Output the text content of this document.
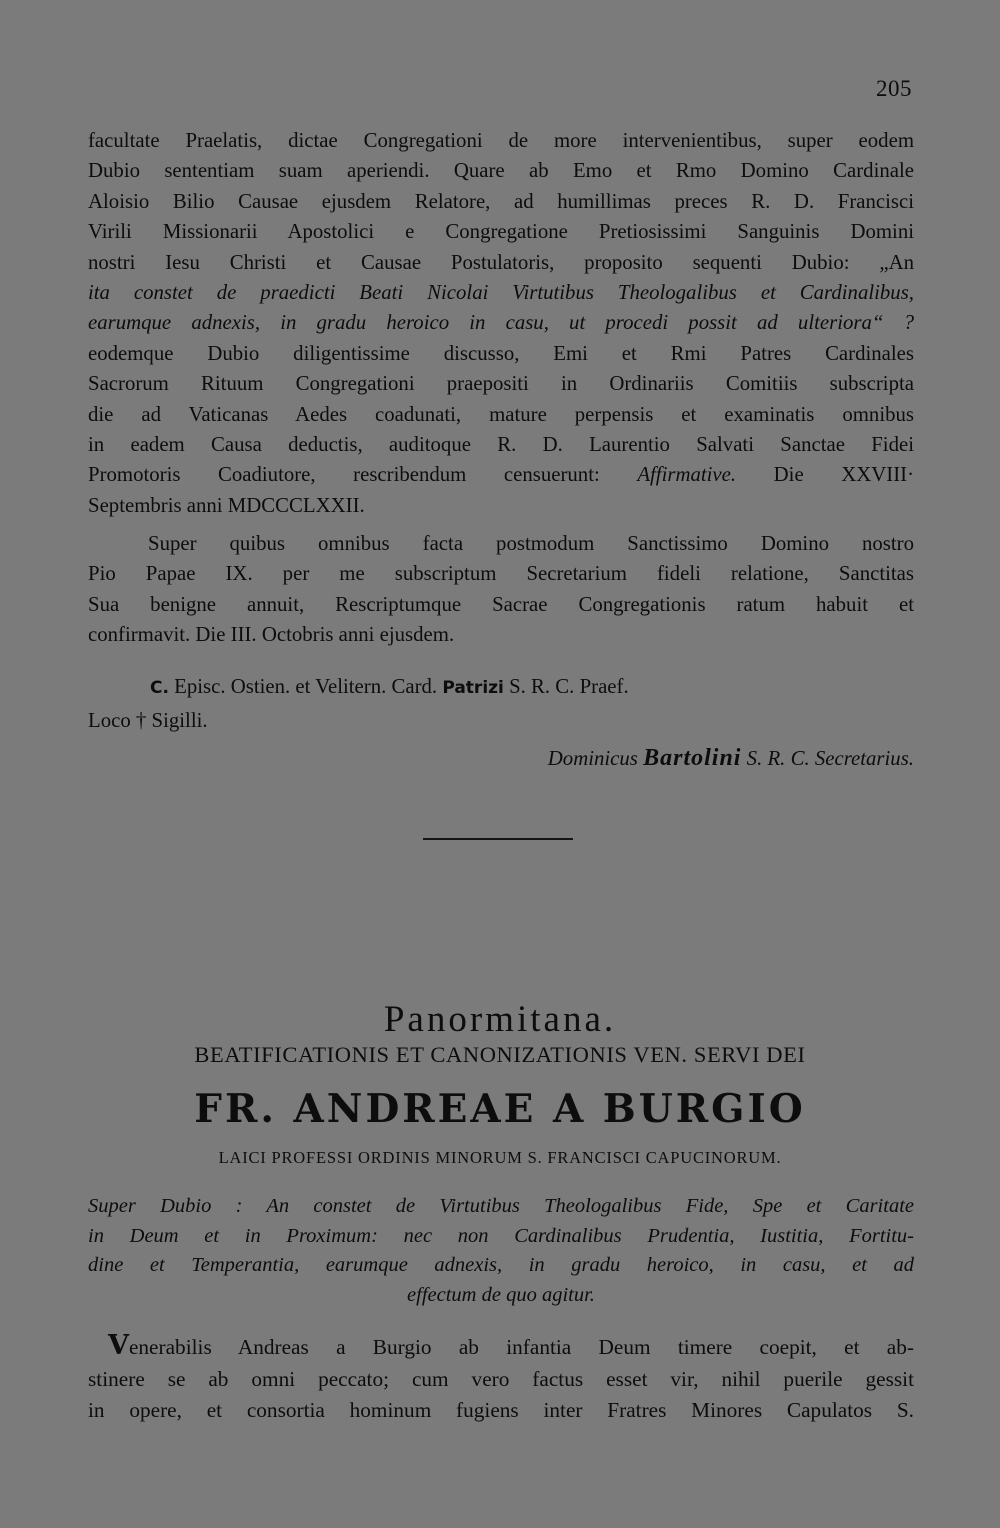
205
facultate Praelatis, dictae Congregationi de more intervenientibus, super eodem
Dubio sententiam suam aperiendi. Quare ab Emo et Rmo Domino Cardinale
Aloisio Bilio Causae ejusdem Relatore, ad humillimas preces R. D. Francisci
Virili Missionarii Apostolici e Congregatione Pretiosissimi Sanguinis Domini
nostri Iesu Christi et Causae Postulatoris, proposito sequenti Dubio: „An
ita constet de praedicti Beati Nicolai Virtutibus Theologalibus et Cardinalibus,
earumque adnexis, in gradu heroico in casu, ut procedi possit ad ulteriora“ ?
eodemque Dubio diligentissime discusso, Emi et Rmi Patres Cardinales
Sacrorum Rituum Congregationi praepositi in Ordinariis Comitiis subscripta
die ad Vaticanas Aedes coadunati, mature perpensis et examinatis omnibus
in eadem Causa deductis, auditoque R. D. Laurentio Salvati Sanctae Fidei
Promotoris Coadiutore, rescribendum censuerunt: Affirmative. Die XXVIII·
Septembris anni MDCCCLXXII.
Super quibus omnibus facta postmodum Sanctissimo Domino nostro
Pio Papae IX. per me subscriptum Secretarium fideli relatione, Sanctitas
Sua benigne annuit, Rescriptumque Sacrae Congregationis ratum habuit et
confirmavit. Die III. Octobris anni ejusdem.
C. Episc. Ostien. et Velitern. Card. Patrizi S. R. C. Praef.
Loco † Sigilli.
Dominicus Bartolini S. R. C. Secretarius.
Panormitana.
BEATIFICATIONIS ET CANONIZATIONIS VEN. SERVI DEI
FR. ANDREAE A BURGIO
LAICI PROFESSI ORDINIS MINORUM S. FRANCISCI CAPUCINORUM.
Super Dubio : An constet de Virtutibus Theologalibus Fide, Spe et Caritate
in Deum et in Proximum: nec non Cardinalibus Prudentia, Iustitia, Fortitu-
dine et Temperantia, earumque adnexis, in gradu heroico, in casu, et ad
effectum de quo agitur.
Venerabilis Andreas a Burgio ab infantia Deum timere coepit, et ab-
stinere se ab omni peccato; cum vero factus esset vir, nihil puerile gessit
in opere, et consortia hominum fugiens inter Fratres Minores Capulatos S.
